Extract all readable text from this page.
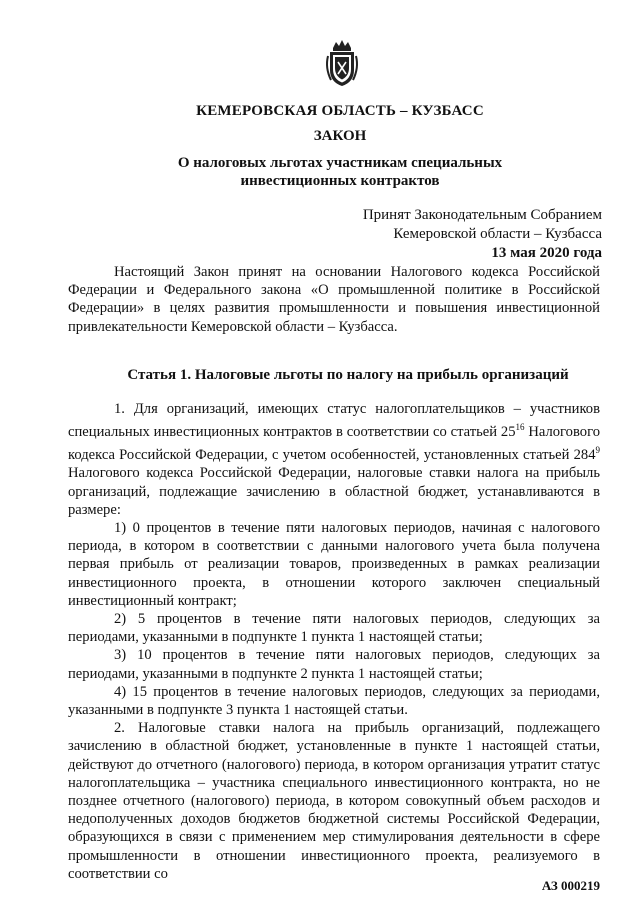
КЕМЕРОВСКАЯ ОБЛАСТЬ – КУЗБАСС
ЗАКОН
О налоговых льготах участникам специальных
инвестиционных контрактов
Принят Законодательным Собранием
Кемеровской области – Кузбасса
13 мая 2020 года

Настоящий Закон принят на основании Налогового кодекса Российской Федерации и Федерального закона «О промышленной политике в Российской Федерации» в целях развития промышленности и повышения инвестиционной привлекательности Кемеровской области – Кузбасса.

Статья 1. Налоговые льготы по налогу на прибыль организаций

1. Для организаций, имеющих статус налогоплательщиков – участников специальных инвестиционных контрактов в соответствии со статьей $25^{16}$ Налогового кодекса Российской Федерации, с учетом особенностей, установленных статьей $284^9$ Налогового кодекса Российской Федерации, налоговые ставки налога на прибыль организаций, подлежащие зачислению в областной бюджет, устанавливаются в размере:

1) 0 процентов в течение пяти налоговых периодов, начиная с налогового периода, в котором в соответствии с данными налогового учета была получена первая прибыль от реализации товаров, произведенных в рамках реализации инвестиционного проекта, в отношении которого заключен специальный инвестиционный контракт;

2) 5 процентов в течение пяти налоговых периодов, следующих за периодами, указанными в подпункте 1 пункта 1 настоящей статьи;

3) 10 процентов в течение пяти налоговых периодов, следующих за периодами, указанными в подпункте 2 пункта 1 настоящей статьи;

4) 15 процентов в течение налоговых периодов, следующих за периодами, указанными в подпункте 3 пункта 1 настоящей статьи.

2. Налоговые ставки налога на прибыль организаций, подлежащего зачислению в областной бюджет, установленные в пункте 1 настоящей статьи, действуют до отчетного (налогового) периода, в котором организация утратит статус налогоплательщика – участника специального инвестиционного контракта, но не позднее отчетного (налогового) периода, в котором совокупный объем расходов и недополученных доходов бюджетов бюджетной системы Российской Федерации, образующихся в связи с применением мер стимулирования деятельности в сфере промышленности в отношении инвестиционного проекта, реализуемого в соответствии со

АЗ 000219
